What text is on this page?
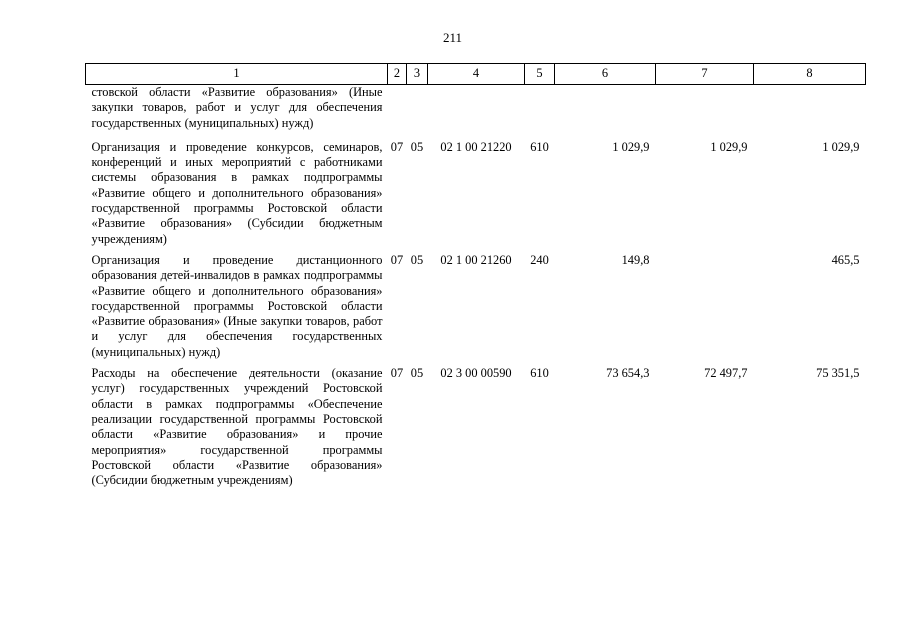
211
1	2	3	4	5	6	7	8
стовской области «Развитие образования» (Иные закупки товаров, работ и услуг для обеспечения государственных (муниципальных) нужд)							
Организация и проведение конкурсов, семинаров, конференций и иных мероприятий с работниками системы образования в рамках подпрограммы «Развитие общего и дополнительного образования» государственной программы Ростовской области «Развитие образования» (Субсидии бюджетным учреждениям)	07	05	02 1 00 21220	610	1 029,9	1 029,9	1 029,9
Организация и проведение дистанционного образования детей-инвалидов в рамках подпрограммы «Развитие общего и дополнительного образования» государственной программы Ростовской области «Развитие образования» (Иные закупки товаров, работ и услуг для обеспечения государственных (муниципальных) нужд)	07	05	02 1 00 21260	240	149,8		465,5
Расходы на обеспечение деятельности (оказание услуг) государственных учреждений Ростовской области в рамках подпрограммы «Обеспечение реализации государственной программы Ростовской области «Развитие образования» и прочие мероприятия» государственной программы Ростовской области «Развитие образования» (Субсидии бюджетным учреждениям)	07	05	02 3 00 00590	610	73 654,3	72 497,7	75 351,5
